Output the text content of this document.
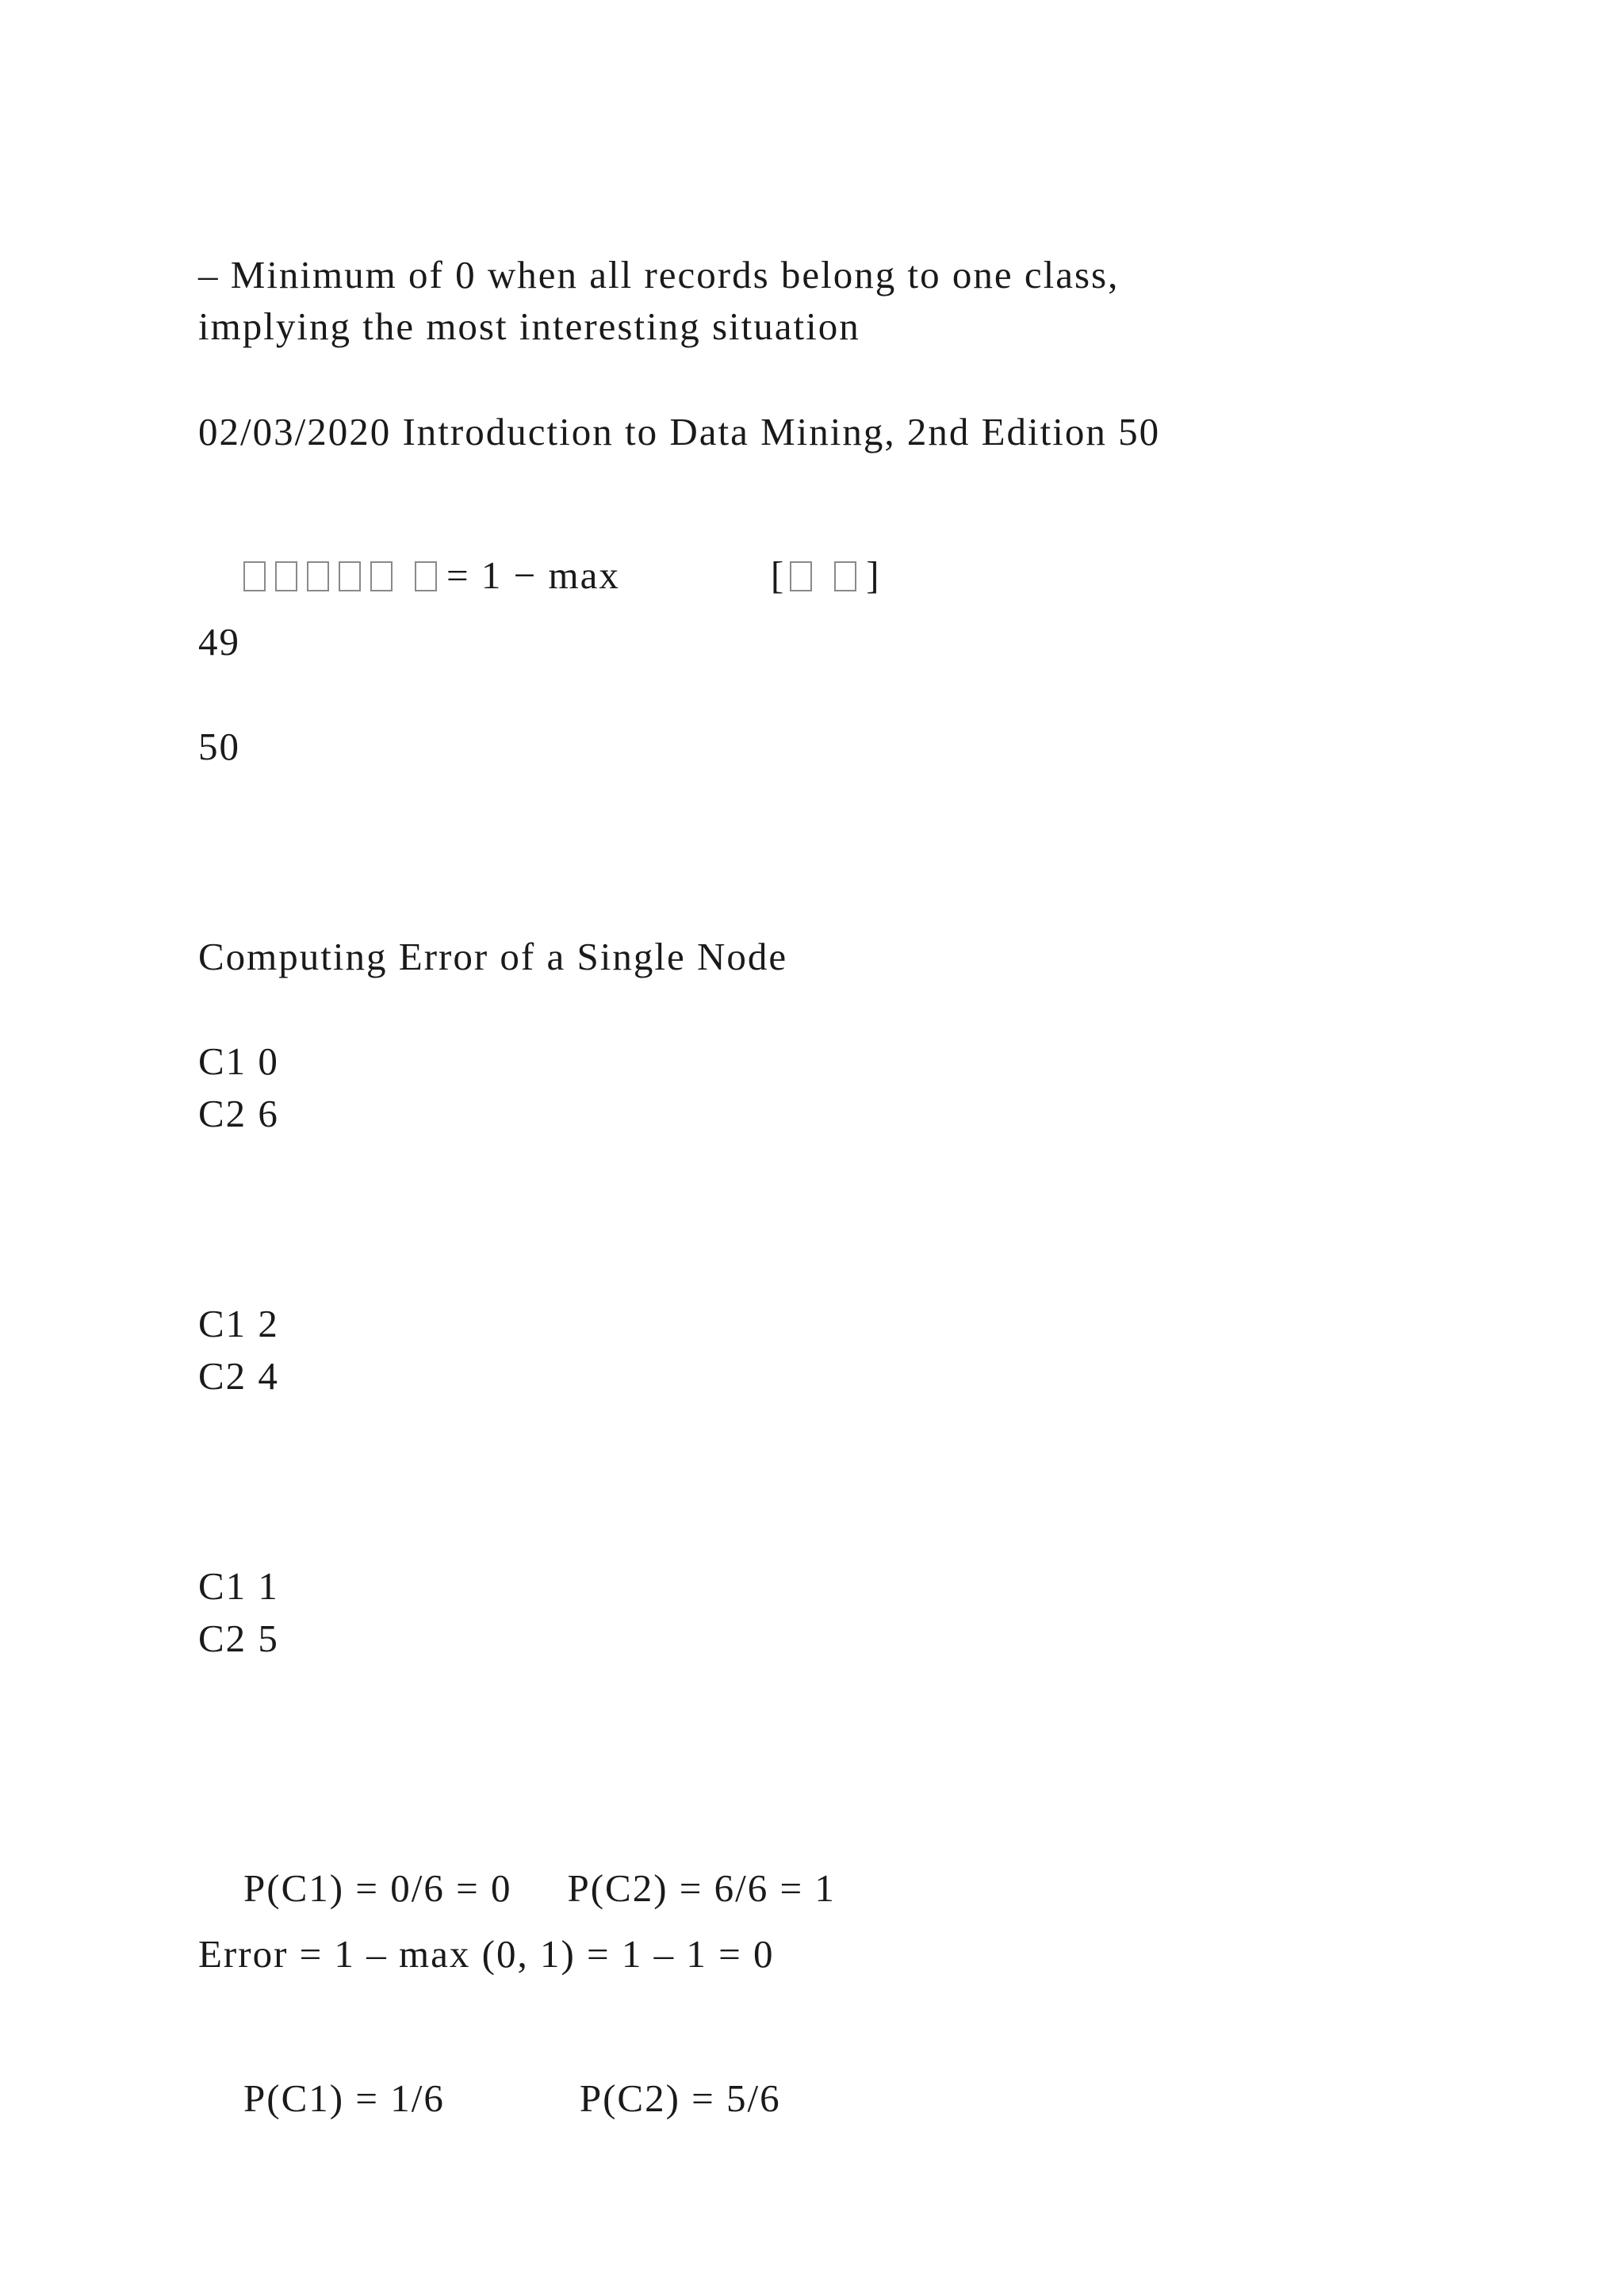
– Minimum of 0 when all records belong to one class,
implying the most interesting situation
02/03/2020 Introduction to Data Mining, 2nd Edition 50

= 1 − max	[ ]

49
50
Computing Error of a Single Node
C1 0
C2 6
C1 2
C2 4
C1 1
C2 5

P(C1) = 0/6 = 0 P(C2) = 6/6 = 1

Error = 1 – max (0, 1) = 1 – 1 = 0

P(C1) = 1/6	P(C2) = 5/6
